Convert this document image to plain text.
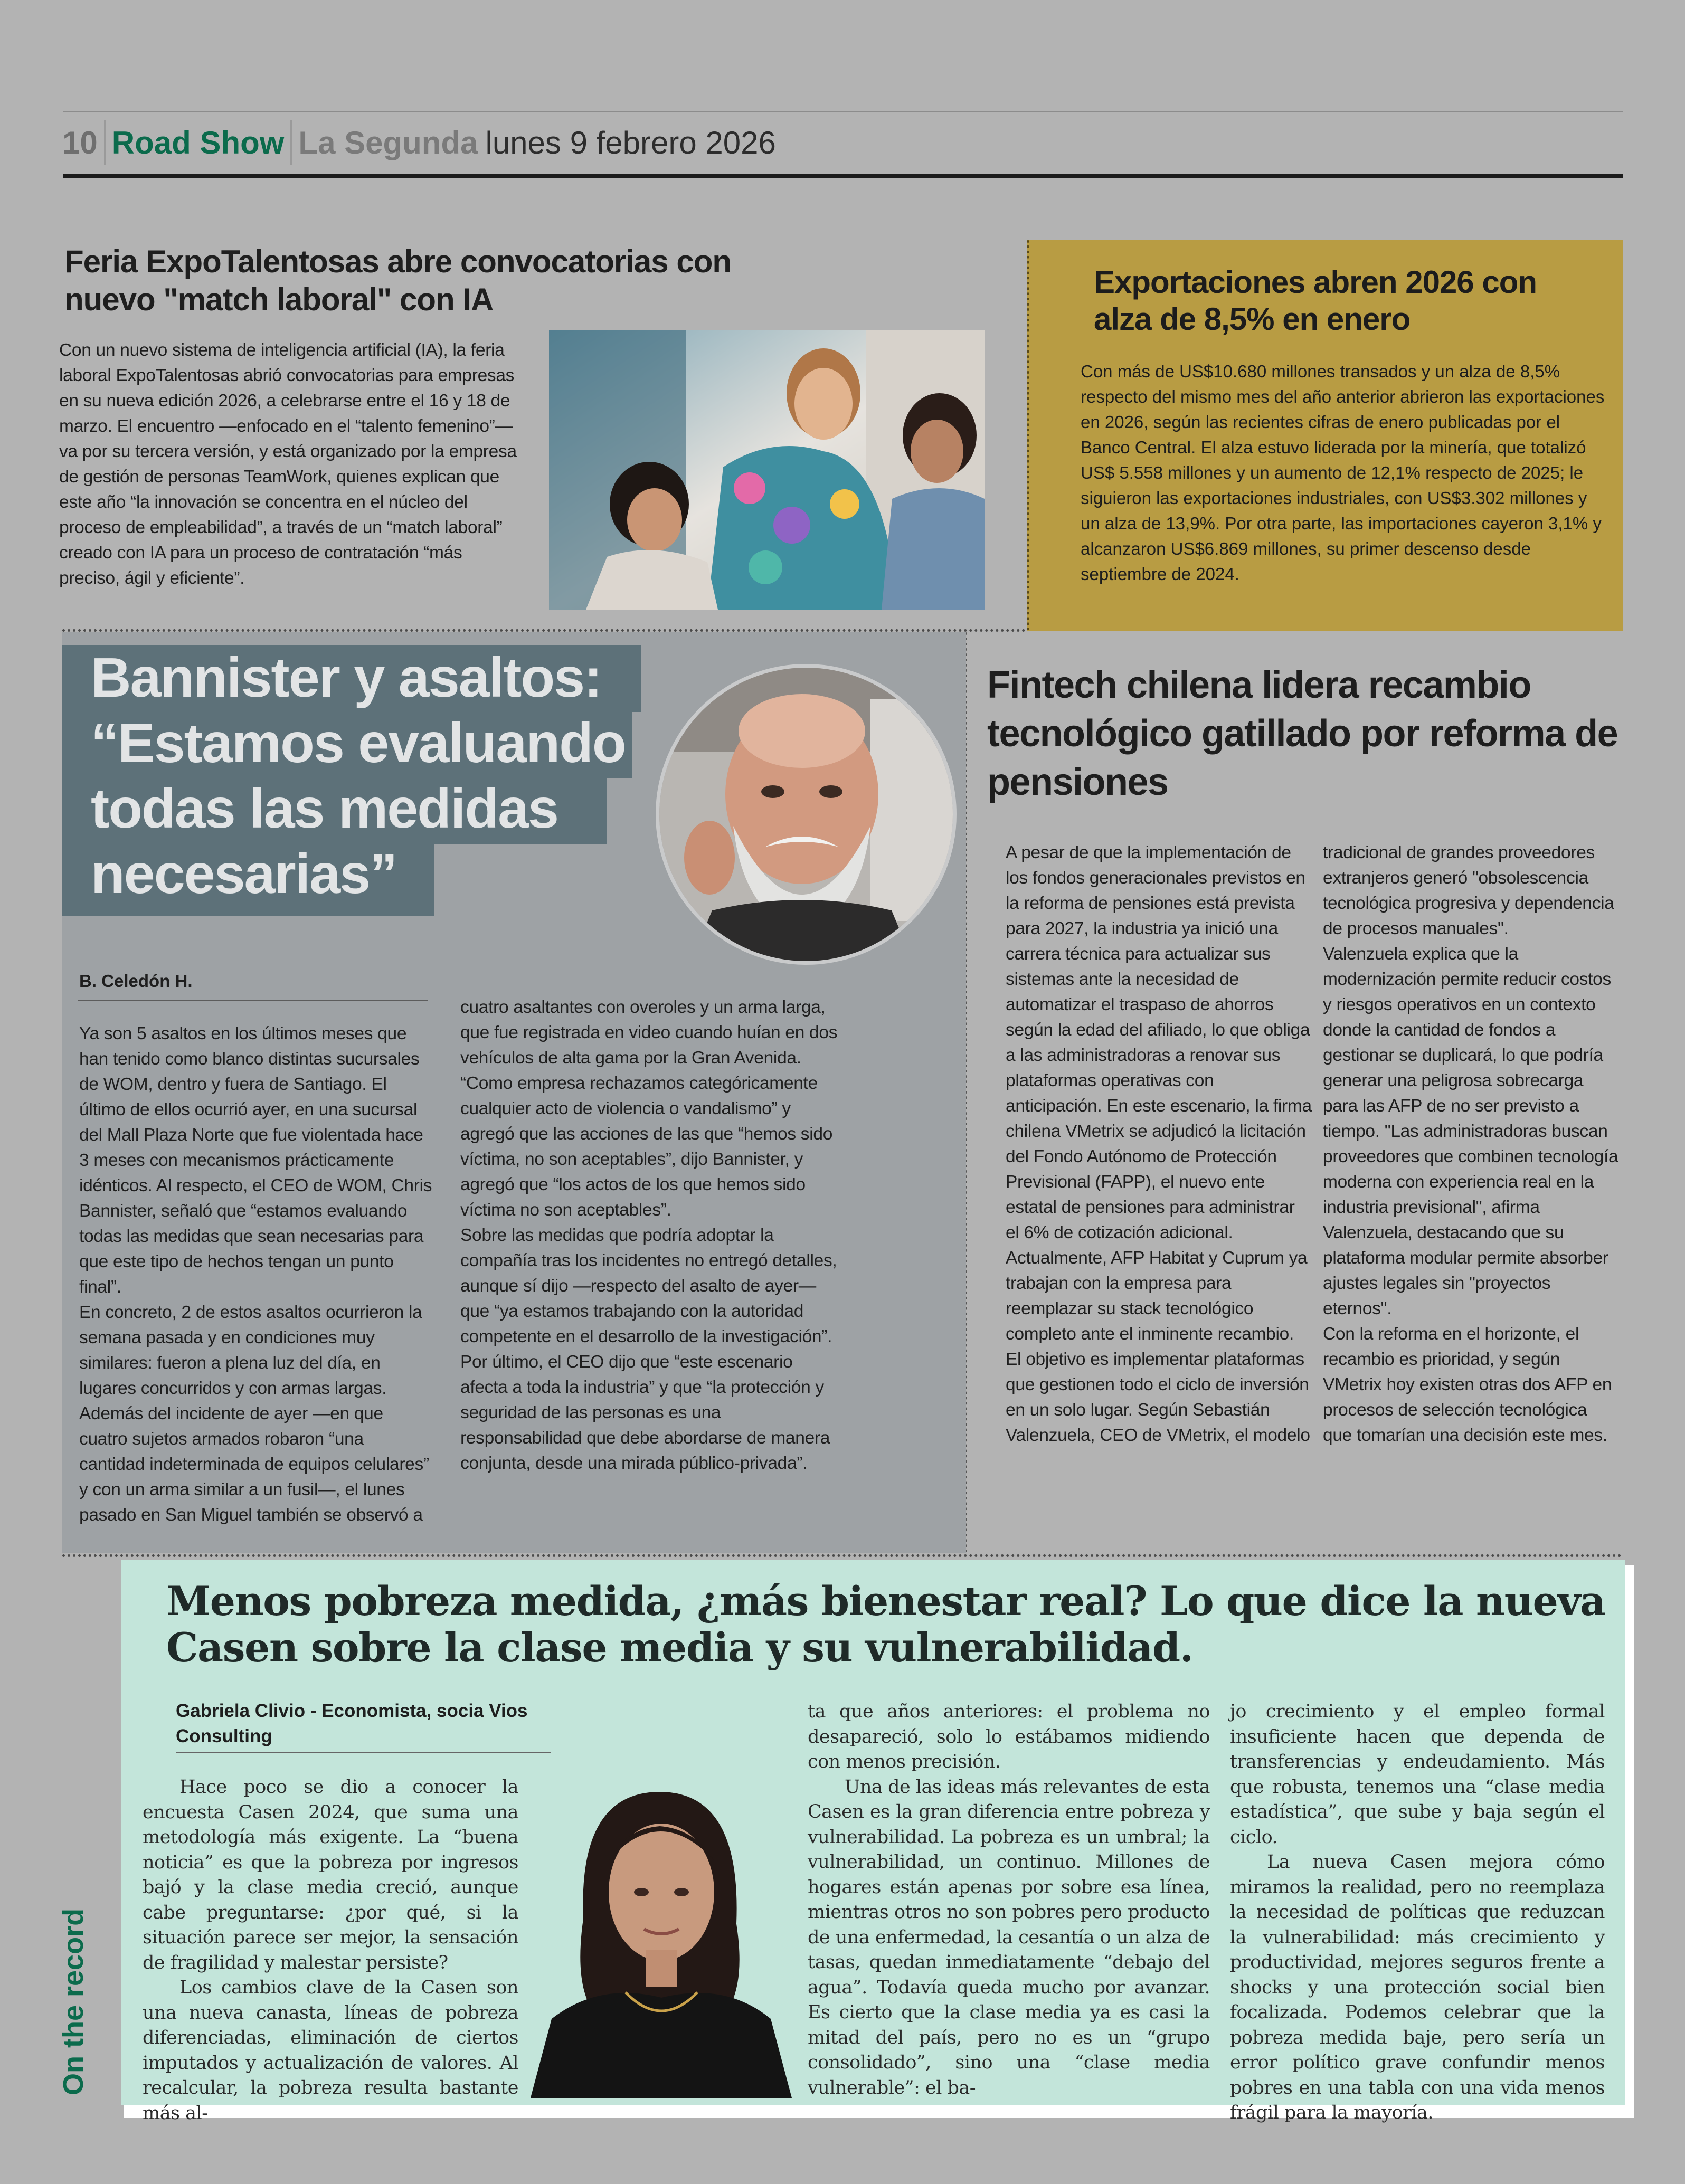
10 Road Show La Segunda lunes 9 febrero 2026
Feria ExpoTalentosas abre convocatorias con nuevo "match laboral" con IA

Con un nuevo sistema de inteligencia artificial (IA), la feria laboral ExpoTalentosas abrió convocatorias para empresas en su nueva edición 2026, a celebrarse entre el 16 y 18 de marzo. El encuentro —enfocado en el “talento femenino”— va por su tercera versión, y está organizado por la empresa de gestión de personas TeamWork, quienes explican que este año “la innovación se concentra en el núcleo del proceso de empleabilidad”, a través de un “match laboral” creado con IA para un proceso de contratación “más preciso, ágil y eficiente”.

Exportaciones abren 2026 con alza de 8,5% en enero

Con más de US$10.680 millones transados y un alza de 8,5% respecto del mismo mes del año anterior abrieron las exportaciones en 2026, según las recientes cifras de enero publicadas por el Banco Central. El alza estuvo liderada por la minería, que totalizó US$ 5.558 millones y un aumento de 12,1% respecto de 2025; le siguieron las exportaciones industriales, con US$3.302 millones y un alza de 13,9%. Por otra parte, las importaciones cayeron 3,1% y alcanzaron US$6.869 millones, su primer descenso desde septiembre de 2024.

Bannister y asaltos: “Estamos evaluando todas las medidas necesarias”
B. Celedón H.

Ya son 5 asaltos en los últimos meses que han tenido como blanco distintas sucursales de WOM, dentro y fuera de Santiago. El último de ellos ocurrió ayer, en una sucursal del Mall Plaza Norte que fue violentada hace 3 meses con mecanismos prácticamente idénticos. Al respecto, el CEO de WOM, Chris Bannister, señaló que “estamos evaluando todas las medidas que sean necesarias para que este tipo de hechos tengan un punto final”.

En concreto, 2 de estos asaltos ocurrieron la semana pasada y en condiciones muy similares: fueron a plena luz del día, en lugares concurridos y con armas largas. Además del incidente de ayer —en que cuatro sujetos armados robaron “una cantidad indeterminada de equipos celulares” y con un arma similar a un fusil—, el lunes pasado en San Miguel también se observó a

cuatro asaltantes con overoles y un arma larga, que fue registrada en video cuando huían en dos vehículos de alta gama por la Gran Avenida.

“Como empresa rechazamos categóricamente cualquier acto de violencia o vandalismo” y agregó que las acciones de las que “hemos sido víctima, no son aceptables”, dijo Bannister, y agregó que “los actos de los que hemos sido víctima no son aceptables”.

Sobre las medidas que podría adoptar la compañía tras los incidentes no entregó detalles, aunque sí dijo —respecto del asalto de ayer— que “ya estamos trabajando con la autoridad competente en el desarrollo de la investigación”.

Por último, el CEO dijo que “este escenario afecta a toda la industria” y que “la protección y seguridad de las personas es una responsabilidad que debe abordarse de manera conjunta, desde una mirada público-privada”.

Fintech chilena lidera recambio tecnológico gatillado por reforma de pensiones

A pesar de que la implementación de los fondos generacionales previstos en la reforma de pensiones está prevista para 2027, la industria ya inició una carrera técnica para actualizar sus sistemas ante la necesidad de automatizar el traspaso de ahorros según la edad del afiliado, lo que obliga a las administradoras a renovar sus plataformas operativas con anticipación. En este escenario, la firma chilena VMetrix se adjudicó la licitación del Fondo Autónomo de Protección Previsional (FAPP), el nuevo ente estatal de pensiones para administrar el 6% de cotización adicional.

Actualmente, AFP Habitat y Cuprum ya trabajan con la empresa para reemplazar su stack tecnológico completo ante el inminente recambio. El objetivo es implementar plataformas que gestionen todo el ciclo de inversión en un solo lugar. Según Sebastián Valenzuela, CEO de VMetrix, el modelo

tradicional de grandes proveedores extranjeros generó "obsolescencia tecnológica progresiva y dependencia de procesos manuales".

Valenzuela explica que la modernización permite reducir costos y riesgos operativos en un contexto donde la cantidad de fondos a gestionar se duplicará, lo que podría generar una peligrosa sobrecarga para las AFP de no ser previsto a tiempo. "Las administradoras buscan proveedores que combinen tecnología moderna con experiencia real en la industria previsional", afirma Valenzuela, destacando que su plataforma modular permite absorber ajustes legales sin "proyectos eternos".

Con la reforma en el horizonte, el recambio es prioridad, y según VMetrix hoy existen otras dos AFP en procesos de selección tecnológica que tomarían una decisión este mes.

On the record
Menos pobreza medida, ¿más bienestar real? Lo que dice la nueva Casen sobre la clase media y su vulnerabilidad.
Gabriela Clivio - Economista, socia Vios Consulting

Hace poco se dio a conocer la encuesta Casen 2024, que suma una metodología más exigente. La “buena noticia” es que la pobreza por ingresos bajó y la clase media creció, aunque cabe preguntarse: ¿por qué, si la situación parece ser mejor, la sensación de fragilidad y malestar persiste?

Los cambios clave de la Casen son una nueva canasta, líneas de pobreza diferenciadas, eliminación de ciertos imputados y actualización de valores. Al recalcular, la pobreza resulta bastante más al-

ta que años anteriores: el problema no desapareció, solo lo estábamos midiendo con menos precisión.

Una de las ideas más relevantes de esta Casen es la gran diferencia entre pobreza y vulnerabilidad. La pobreza es un umbral; la vulnerabilidad, un continuo. Millones de hogares están apenas por sobre esa línea, mientras otros no son pobres pero producto de una enfermedad, la cesantía o un alza de tasas, quedan inmediatamente “debajo del agua”. Todavía queda mucho por avanzar. Es cierto que la clase media ya es casi la mitad del país, pero no es un “grupo consolidado”, sino una “clase media vulnerable”: el ba-

jo crecimiento y el empleo formal insuficiente hacen que dependa de transferencias y endeudamiento. Más que robusta, tenemos una “clase media estadística”, que sube y baja según el ciclo.

La nueva Casen mejora cómo miramos la realidad, pero no reemplaza la necesidad de políticas que reduzcan la vulnerabilidad: más crecimiento y productividad, mejores seguros frente a shocks y una protección social bien focalizada. Podemos celebrar que la pobreza medida baje, pero sería un error político grave confundir menos pobres en una tabla con una vida menos frágil para la mayoría.
